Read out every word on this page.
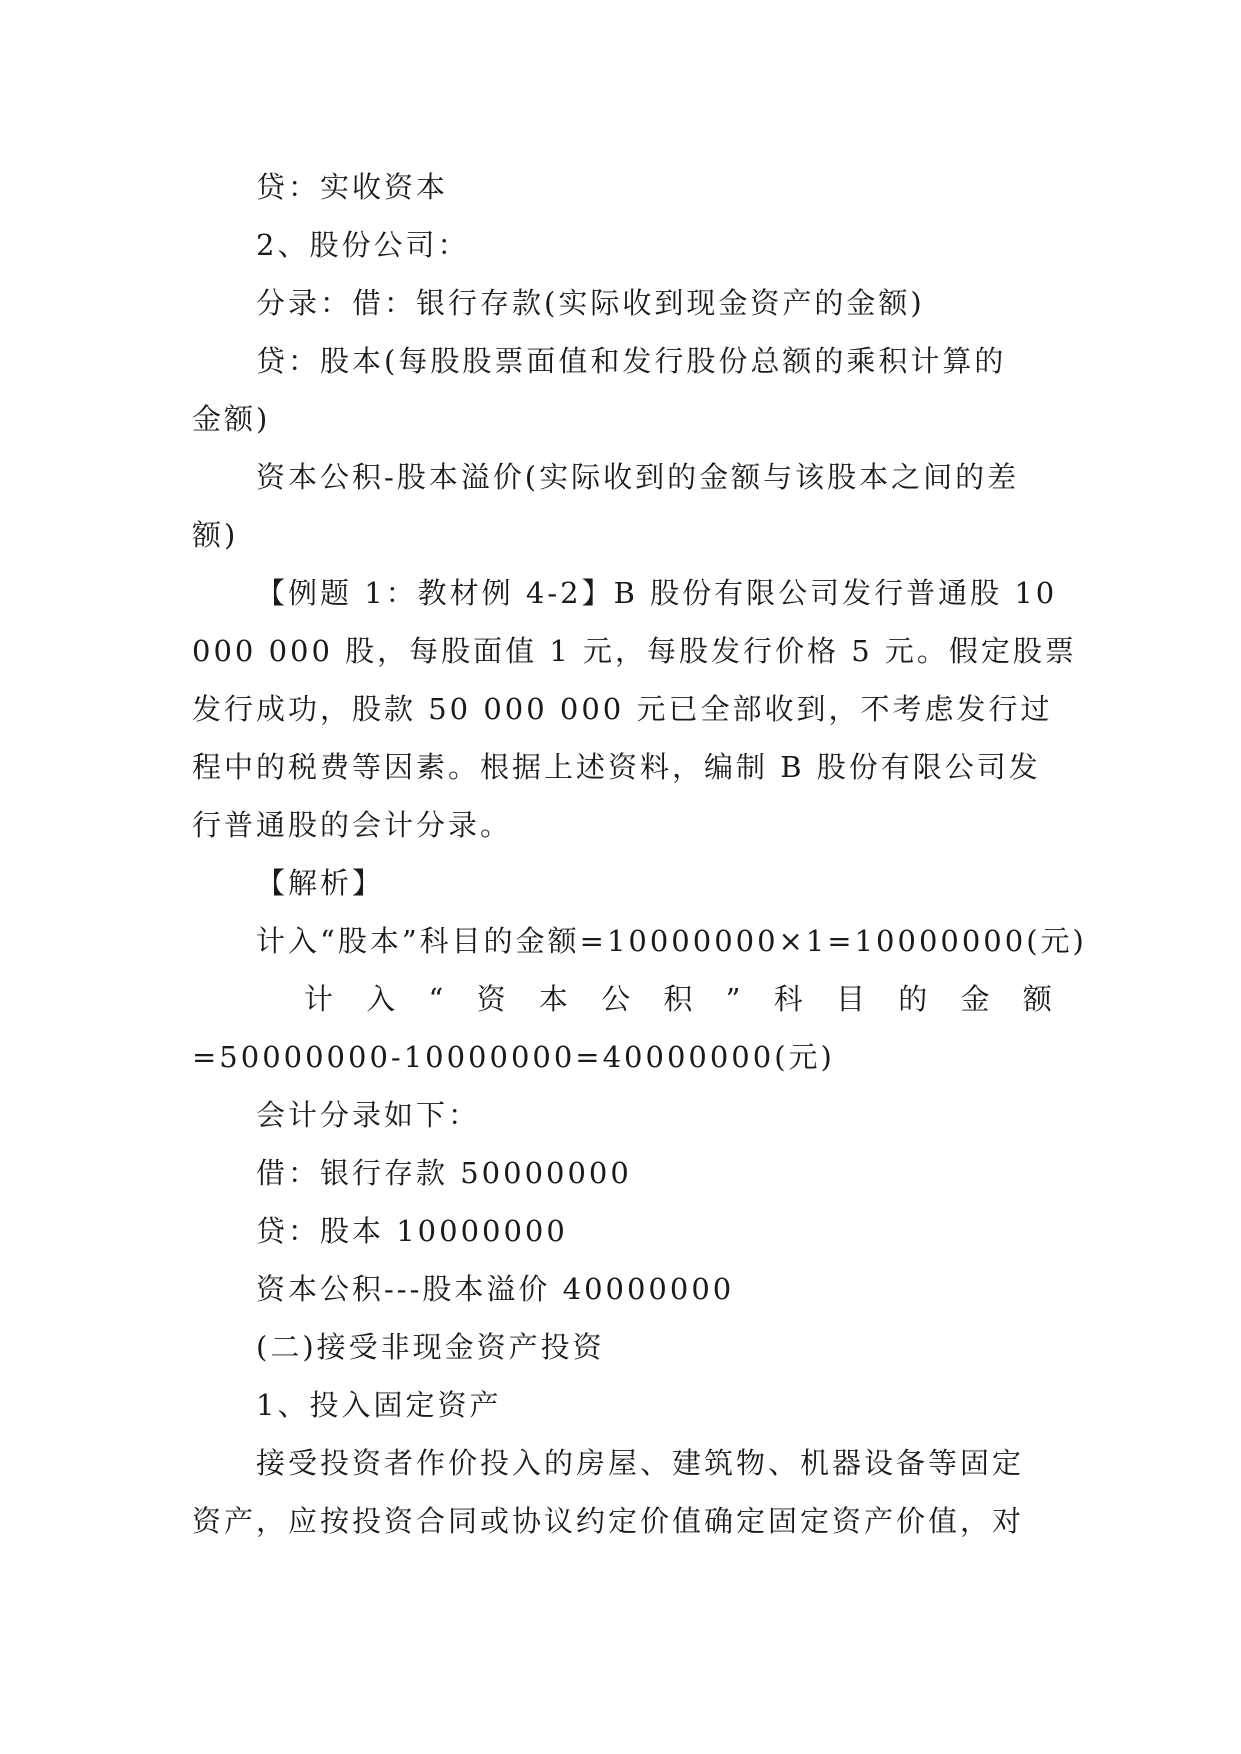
贷：实收资本
2、股份公司：
分录：借：银行存款(实际收到现金资产的金额)
贷：股本(每股股票面值和发行股份总额的乘积计算的
金额)
资本公积-股本溢价(实际收到的金额与该股本之间的差
额)
【例题 1：教材例 4-2】B 股份有限公司发行普通股 10
000 000 股，每股面值 1 元，每股发行价格 5 元。假定股票
发行成功，股款 50 000 000 元已全部收到，不考虑发行过
程中的税费等因素。根据上述资料，编制 B 股份有限公司发
行普通股的会计分录。
【解析】
计入“股本”科目的金额=10000000×1=10000000(元)
计 入 “ 资 本 公 积 ” 科 目 的 金 额
=50000000-10000000=40000000(元)
会计分录如下：
借：银行存款 50000000
贷：股本 10000000
资本公积---股本溢价 40000000
(二)接受非现金资产投资
1、投入固定资产
接受投资者作价投入的房屋、建筑物、机器设备等固定
资产，应按投资合同或协议约定价值确定固定资产价值，对
